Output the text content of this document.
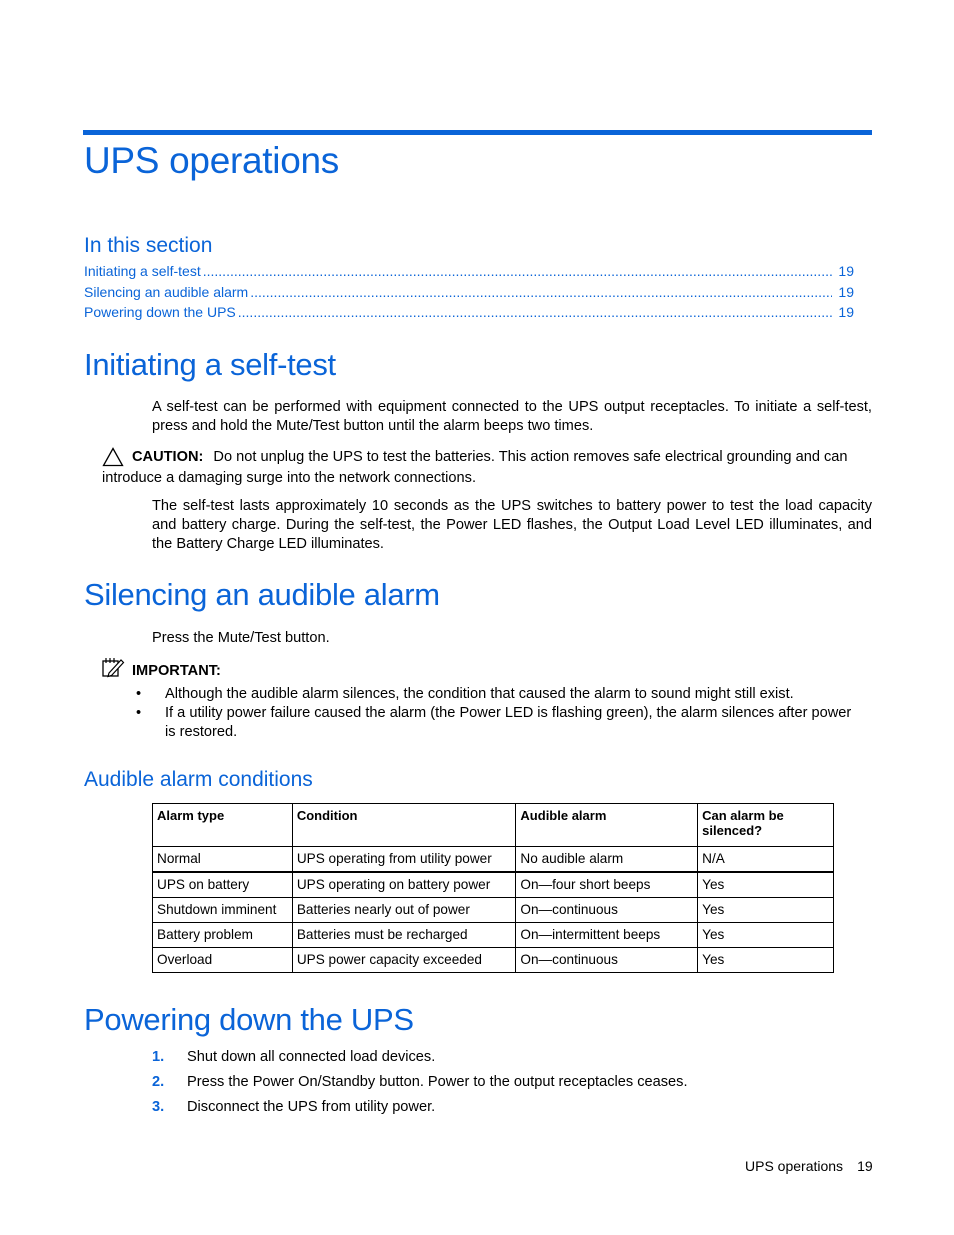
UPS operations
In this section
Initiating a self-test .....	19
Silencing an audible alarm .....	19
Powering down the UPS .....	19
Initiating a self-test

A self-test can be performed with equipment connected to the UPS output receptacles. To initiate a self-test, press and hold the Mute/Test button until the alarm beeps two times.

CAUTION: Do not unplug the UPS to test the batteries. This action removes safe electrical grounding and can introduce a damaging surge into the network connections.

The self-test lasts approximately 10 seconds as the UPS switches to battery power to test the load capacity and battery charge. During the self-test, the Power LED flashes, the Output Load Level LED illuminates, and the Battery Charge LED illuminates.

Silencing an audible alarm

Press the Mute/Test button.

IMPORTANT:
• Although the audible alarm silences, the condition that caused the alarm to sound might still exist.
• If a utility power failure caused the alarm (the Power LED is flashing green), the alarm silences after power is restored.
Audible alarm conditions
Alarm type	Condition	Audible alarm	Can alarm be silenced?
Normal	UPS operating from utility power	No audible alarm	N/A
UPS on battery	UPS operating on battery power	On—four short beeps	Yes
Shutdown imminent	Batteries nearly out of power	On—continuous	Yes
Battery problem	Batteries must be recharged	On—intermittent beeps	Yes
Overload	UPS power capacity exceeded	On—continuous	Yes
Powering down the UPS
1.	Shut down all connected load devices.
2.	Press the Power On/Standby button. Power to the output receptacles ceases.
3.	Disconnect the UPS from utility power.
UPS operations 19
